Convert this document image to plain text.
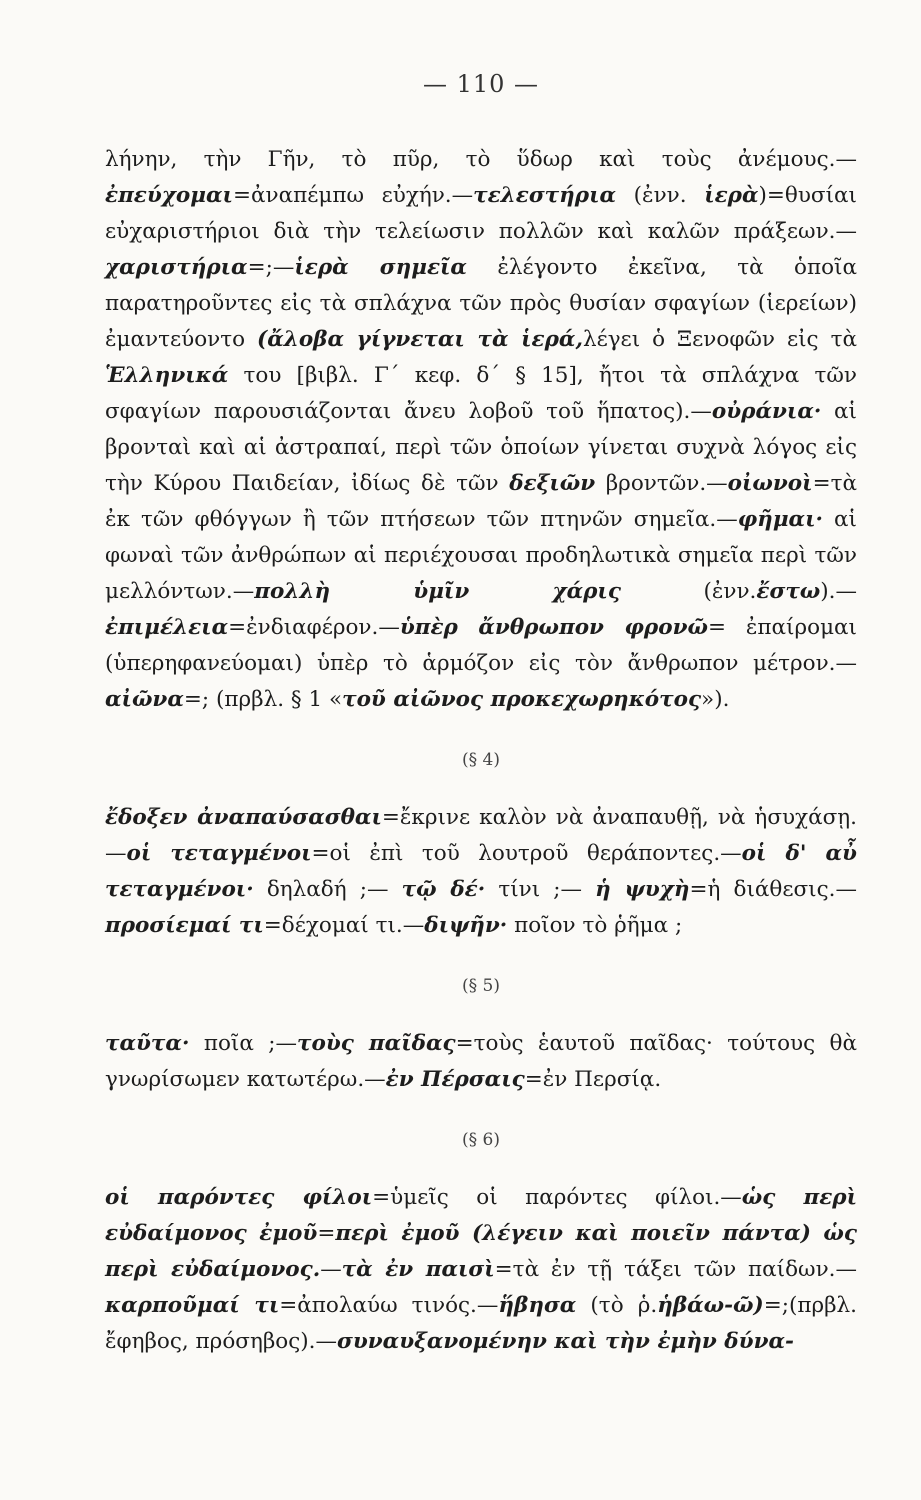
— 110 —

λήνην, τὴν Γῆν, τὸ πῦρ, τὸ ὕδωρ καὶ τοὺς ἀνέμους.—ἐπεύχομαι=ἀναπέμπω εὐχήν.—τελεστήρια (ἐνν. ἱερὰ)=θυσίαι εὐχαριστήριοι διὰ τὴν τελείωσιν πολλῶν καὶ καλῶν πράξεων.—χαριστήρια=;—ἱερὰ σημεῖα ἐλέγοντο ἐκεῖνα, τὰ ὁποῖα παρατηροῦντες εἰς τὰ σπλάχνα τῶν πρὸς θυσίαν σφαγίων (ἱερείων) ἐμαντεύοντο (ἄλοβα γίγνεται τὰ ἱερά,λέγει ὁ Ξενοφῶν εἰς τὰ Ἑλληνικά του [βιβλ. Γ΄ κεφ. δ΄ § 15], ἤτοι τὰ σπλάχνα τῶν σφαγίων παρουσιάζονται ἄνευ λοβοῦ τοῦ ἥπατος).—οὐράνια· αἱ βρονταὶ καὶ αἱ ἀστραπαί, περὶ τῶν ὁποίων γίνεται συχνὰ λόγος εἰς τὴν Κύρου Παιδείαν, ἰδίως δὲ τῶν δεξιῶν βροντῶν.—οἰωνοὶ=τὰ ἐκ τῶν φθόγγων ἢ τῶν πτήσεων τῶν πτηνῶν σημεῖα.—φῆμαι· αἱ φωναὶ τῶν ἀνθρώπων αἱ περιέχουσαι προδηλωτικὰ σημεῖα περὶ τῶν μελλόντων.—πολλὴ ὑμῖν χάρις (ἐνν.ἔστω).—ἐπιμέλεια=ἐνδιαφέρον.—ὑπὲρ ἄνθρωπον φρονῶ= ἐπαίρομαι (ὑπερηφανεύομαι) ὑπὲρ τὸ ἁρμόζον εἰς τὸν ἄνθρωπον μέτρον.—αἰῶνα=; (πρβλ. § 1 «τοῦ αἰῶνος προκεχωρηκότος»).

(§ 4)

ἔδοξεν ἀναπαύσασθαι=ἔκρινε καλὸν νὰ ἀναπαυθῇ, νὰ ἡσυχάσῃ.—οἱ τεταγμένοι=οἱ ἐπὶ τοῦ λουτροῦ θεράποντες.—οἱ δ' αὖ τεταγμένοι· δηλαδή ;— τῷ δέ· τίνι ;— ἡ ψυχὴ=ἡ διάθεσις.— προσίεμαί τι=δέχομαί τι.—διψῆν· ποῖον τὸ ῥῆμα ;

(§ 5)

ταῦτα· ποῖα ;—τοὺς παῖδας=τοὺς ἑαυτοῦ παῖδας· τούτους θὰ γνωρίσωμεν κατωτέρω.—ἐν Πέρσαις=ἐν Περσίᾳ.

(§ 6)

οἱ παρόντες φίλοι=ὑμεῖς οἱ παρόντες φίλοι.—ὡς περὶ εὐδαίμονος ἐμοῦ=περὶ ἐμοῦ (λέγειν καὶ ποιεῖν πάντα) ὡς περὶ εὐδαίμονος.—τὰ ἐν παισὶ=τὰ ἐν τῇ τάξει τῶν παίδων.— καρποῦμαί τι=ἀπολαύω τινός.—ἥβησα (τὸ ῥ.ἡβάω-ῶ)=;(πρβλ. ἔφηβος, πρόσηβος).—συναυξανομένην καὶ τὴν ἐμὴν δύνα-
